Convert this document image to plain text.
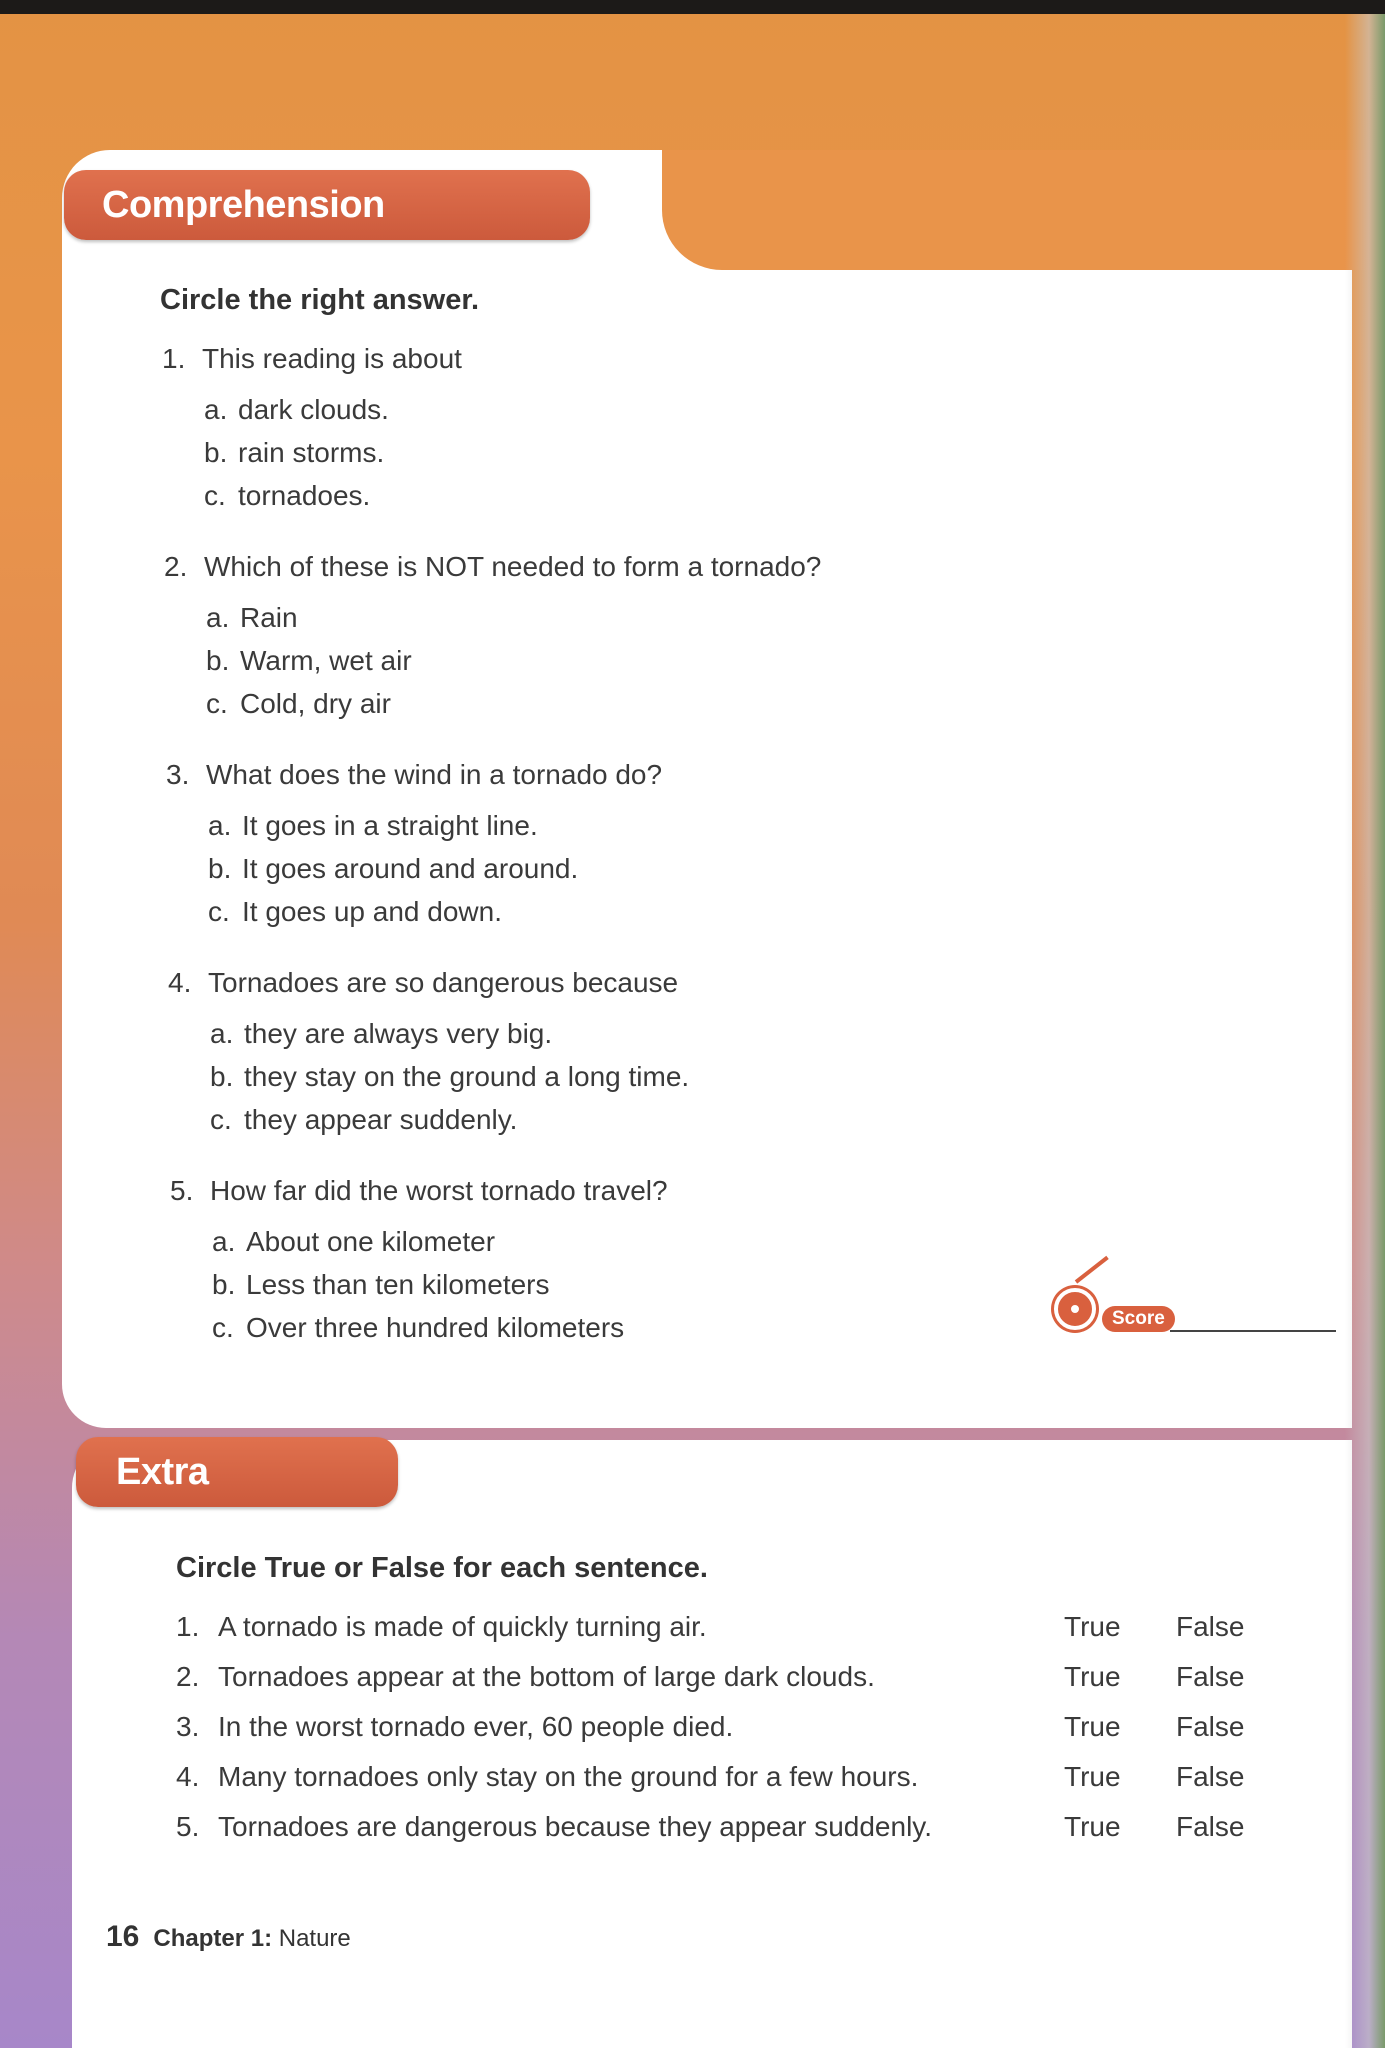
Comprehension Questions
Circle the right answer.
1. This reading is about
a. dark clouds.
b. rain storms.
c. tornadoes.
2. Which of these is NOT needed to form a tornado?
a. Rain
b. Warm, wet air
c. Cold, dry air
3. What does the wind in a tornado do?
a. It goes in a straight line.
b. It goes around and around.
c. It goes up and down.
4. Tornadoes are so dangerous because
a. they are always very big.
b. they stay on the ground a long time.
c. they appear suddenly.
5. How far did the worst tornado travel?
a. About one kilometer
b. Less than ten kilometers
c. Over three hundred kilometers	Score
Extra Practice
Circle True or False for each sentence.
1. A tornado is made of quickly turning air.	True False
2. Tornadoes appear at the bottom of large dark clouds.	True False
3. In the worst tornado ever, 60 people died.	True False
4. Many tornadoes only stay on the ground for a few hours.	True False
5. Tornadoes are dangerous because they appear suddenly.	True False
16 Chapter 1: Nature
